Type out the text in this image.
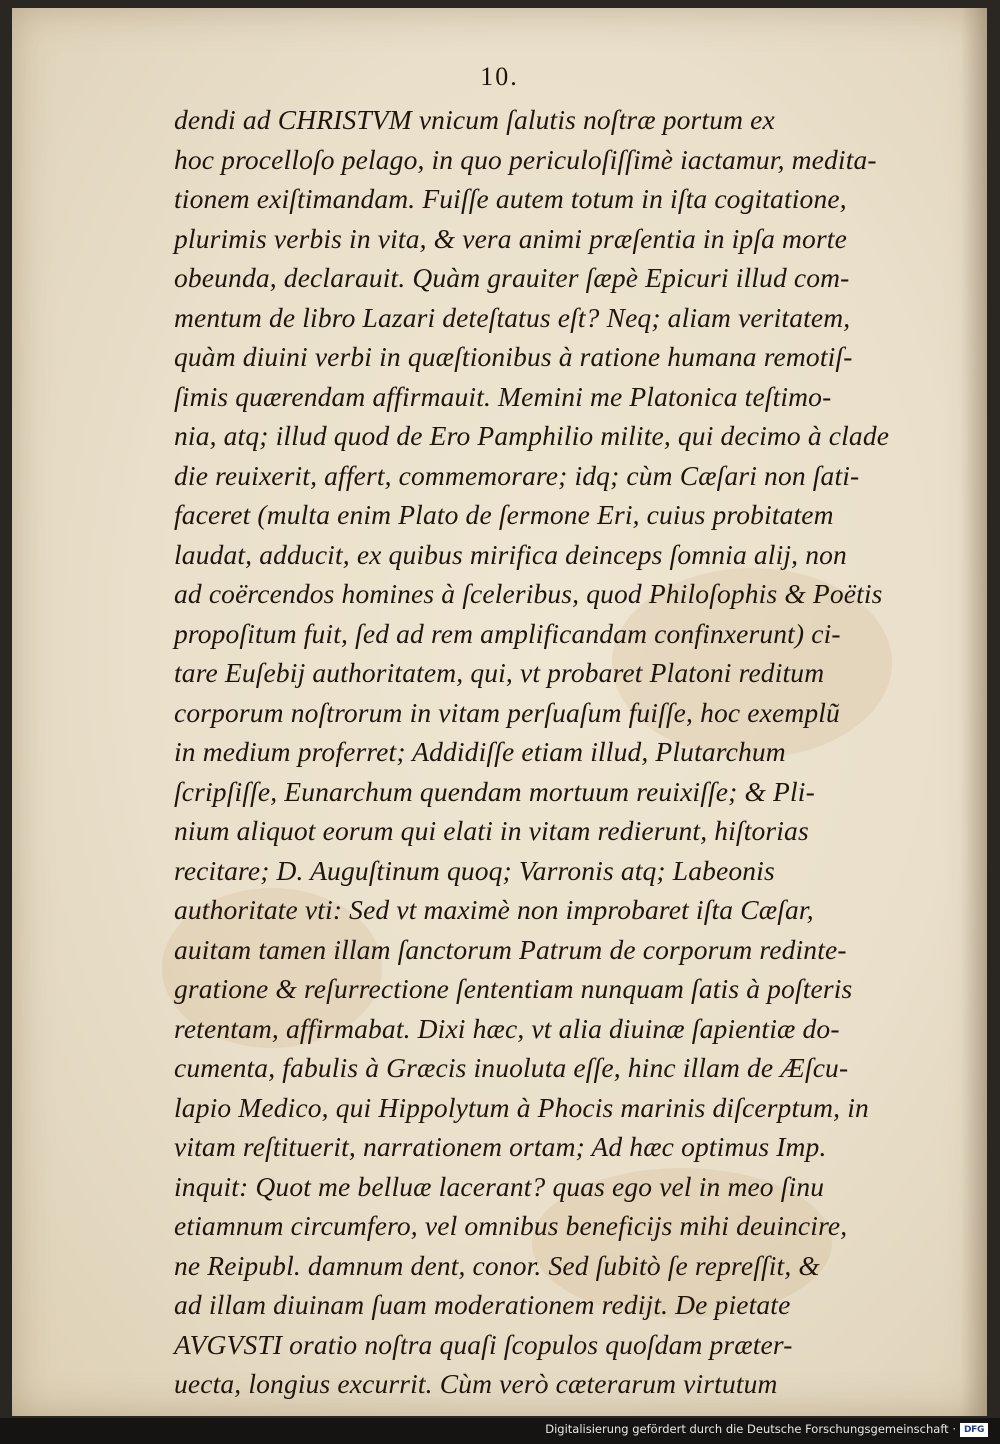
10.
dendi ad CHRISTVM vnicum ſalutis noſtræ portum ex
hoc procelloſo pelago, in quo periculoſiſſimè iactamur, medita-
tionem exiſtimandam. Fuiſſe autem totum in iſta cogitatione,
plurimis verbis in vita, & vera animi præſentia in ipſa morte
obeunda, declarauit. Quàm grauiter ſæpè Epicuri illud com-
mentum de libro Lazari deteſtatus eſt? Neq; aliam veritatem,
quàm diuini verbi in quæſtionibus à ratione humana remotiſ-
ſimis quærendam affirmauit. Memini me Platonica teſtimo-
nia, atq; illud quod de Ero Pamphilio milite, qui decimo à clade
die reuixerit, affert, commemorare; idq; cùm Cæſari non ſati-
faceret (multa enim Plato de ſermone Eri, cuius probitatem
laudat, adducit, ex quibus mirifica deinceps ſomnia alij, non
ad coërcendos homines à ſceleribus, quod Philoſophis & Poëtis
propoſitum fuit, ſed ad rem amplificandam confinxerunt) ci-
tare Euſebij authoritatem, qui, vt probaret Platoni reditum
corporum noſtrorum in vitam perſuaſum fuiſſe, hoc exemplũ
in medium proferret; Addidiſſe etiam illud, Plutarchum
ſcripſiſſe, Eunarchum quendam mortuum reuixiſſe; & Pli-
nium aliquot eorum qui elati in vitam redierunt, hiſtorias
recitare; D. Auguſtinum quoq; Varronis atq; Labeonis
authoritate vti: Sed vt maximè non improbaret iſta Cæſar,
auitam tamen illam ſanctorum Patrum de corporum redinte-
gratione & reſurrectione ſententiam nunquam ſatis à poſteris
retentam, affirmabat. Dixi hæc, vt alia diuinæ ſapientiæ do-
cumenta, fabulis à Græcis inuoluta eſſe, hinc illam de Æſcu-
lapio Medico, qui Hippolytum à Phocis marinis diſcerptum, in
vitam reſtituerit, narrationem ortam; Ad hæc optimus Imp.
inquit: Quot me belluæ lacerant? quas ego vel in meo ſinu
etiamnum circumfero, vel omnibus beneficijs mihi deuincire,
ne Reipubl. damnum dent, conor. Sed ſubitò ſe repreſſit, &
ad illam diuinam ſuam moderationem redijt. De pietate
AVGVSTI oratio noſtra quaſi ſcopulos quoſdam præter-
uecta, longius excurrit. Cùm verò cæterarum virtutum
Digitalisierung gefördert durch die Deutsche Forschungsgemeinschaft · DFG
